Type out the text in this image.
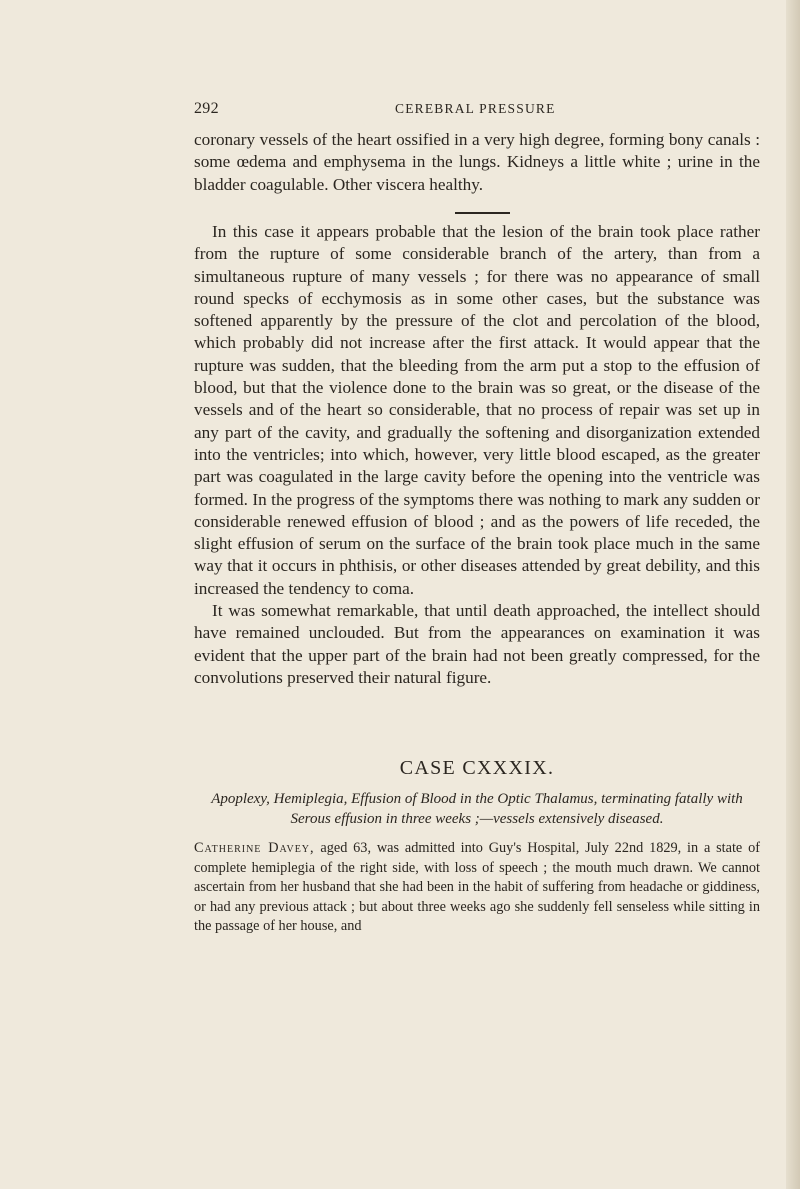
292	CEREBRAL PRESSURE

coronary vessels of the heart ossified in a very high degree, forming bony canals : some œdema and emphysema in the lungs. Kidneys a little white ; urine in the bladder coagulable. Other viscera healthy.

In this case it appears probable that the lesion of the brain took place rather from the rupture of some considerable branch of the artery, than from a simultaneous rupture of many vessels ; for there was no appearance of small round specks of ecchymosis as in some other cases, but the substance was softened apparently by the pressure of the clot and percolation of the blood, which probably did not increase after the first attack. It would appear that the rupture was sudden, that the bleeding from the arm put a stop to the effusion of blood, but that the violence done to the brain was so great, or the disease of the vessels and of the heart so considerable, that no process of repair was set up in any part of the cavity, and gradually the softening and disorganization extended into the ventricles; into which, however, very little blood escaped, as the greater part was coagulated in the large cavity before the opening into the ventricle was formed. In the progress of the symptoms there was nothing to mark any sudden or considerable renewed effusion of blood ; and as the powers of life receded, the slight effusion of serum on the surface of the brain took place much in the same way that it occurs in phthisis, or other diseases attended by great debility, and this increased the tendency to coma.

It was somewhat remarkable, that until death approached, the intellect should have remained unclouded. But from the appearances on examination it was evident that the upper part of the brain had not been greatly compressed, for the convolutions preserved their natural figure.

CASE CXXXIX.
Apoplexy, Hemiplegia, Effusion of Blood in the Optic Thalamus, terminating fatally with Serous effusion in three weeks ;—vessels extensively diseased.

Catherine Davey, aged 63, was admitted into Guy's Hospital, July 22nd 1829, in a state of complete hemiplegia of the right side, with loss of speech ; the mouth much drawn. We cannot ascertain from her husband that she had been in the habit of suffering from headache or giddiness, or had any previous attack ; but about three weeks ago she suddenly fell senseless while sitting in the passage of her house, and
